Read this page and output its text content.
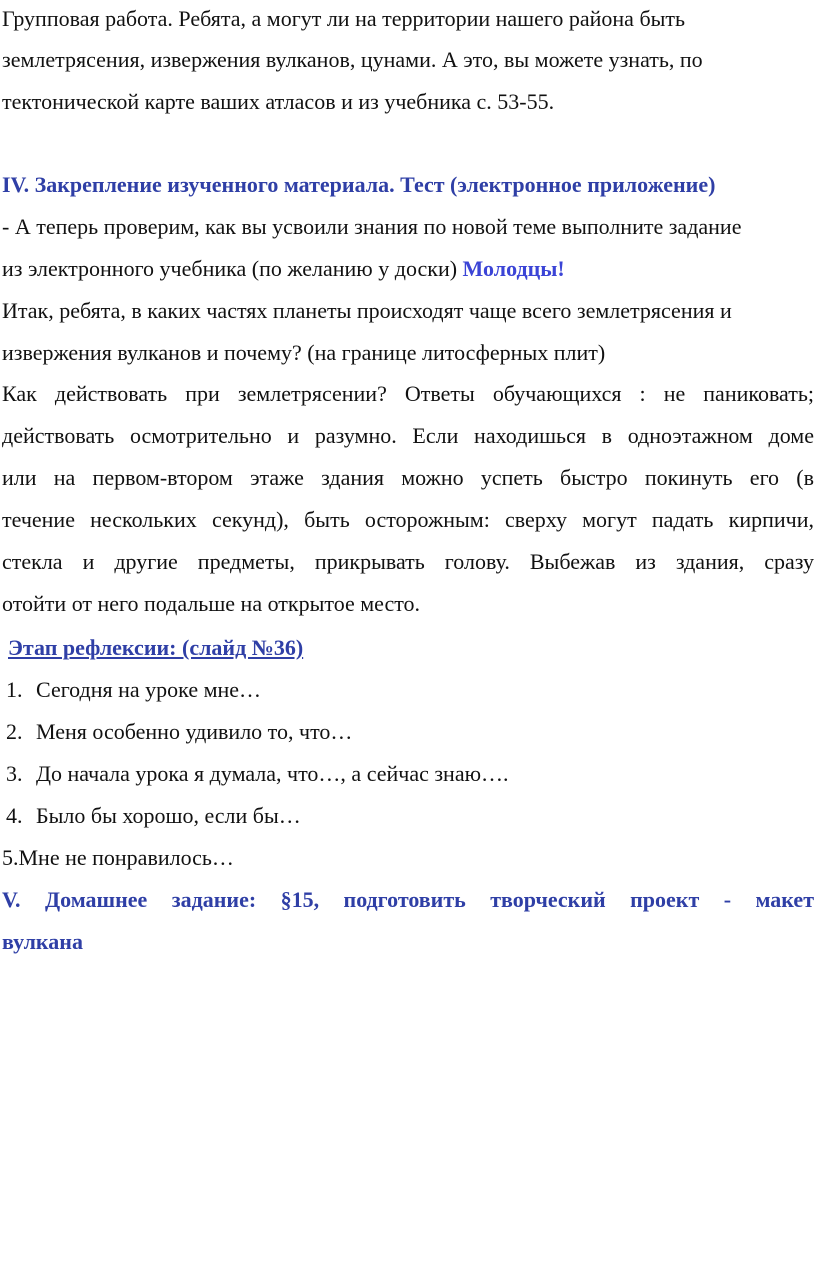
Групповая работа. Ребята, а могут ли на территории нашего района быть
землетрясения, извержения вулканов, цунами. А это, вы можете узнать, по
тектонической карте ваших атласов и из учебника с. 53-55.
IV. Закрепление изученного материала. Тест (электронное приложение)
- А теперь проверим, как вы усвоили знания по новой теме выполните задание
из электронного учебника (по желанию у доски) Молодцы!
Итак, ребята, в каких частях планеты происходят чаще всего землетрясения и
извержения вулканов и почему? (на границе литосферных плит)
Как действовать при землетрясении? Ответы обучающихся : не паниковать;
действовать осмотрительно и разумно. Если находишься в одноэтажном доме
или на первом-втором этаже здания можно успеть быстро покинуть его (в
течение нескольких секунд), быть осторожным: сверху могут падать кирпичи,
стекла и другие предметы, прикрывать голову. Выбежав из здания, сразу
отойти от него подальше на открытое место.
Этап рефлексии: (слайд №36)
1. Сегодня на уроке мне…
2. Меня особенно удивило то, что…
3. До начала урока я думала, что…, а сейчас знаю….
4. Было бы хорошо, если бы…
5.Мне не понравилось…
V. Домашнее задание: §15, подготовить творческий проект - макет
вулкана
